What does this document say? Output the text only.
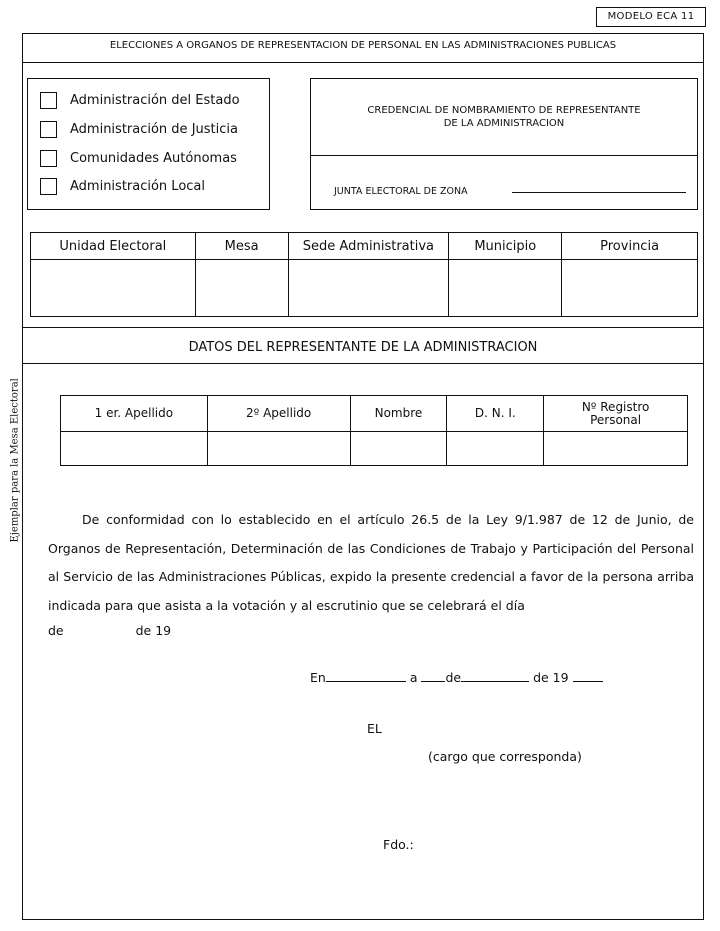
MODELO ECA 11
Ejemplar para la Mesa Electoral
ELECCIONES A ORGANOS DE REPRESENTACION DE PERSONAL EN LAS ADMINISTRACIONES PUBLICAS
Administración del Estado
Administración de Justicia
Comunidades Autónomas
Administración Local
CREDENCIAL DE NOMBRAMIENTO DE REPRESENTANTE
DE LA ADMINISTRACION
JUNTA ELECTORAL DE ZONA
Unidad Electoral	Mesa	Sede Administrativa	Municipio	Provincia

DATOS DEL REPRESENTANTE DE LA ADMINISTRACION
1 er. Apellido	2º Apellido	Nombre	D. N. I.	Nº Registro
Personal

De conformidad con lo establecido en el artículo 26.5 de la Ley 9/1.987 de 12 de Junio, de Organos de Representación, Determinación de las Condiciones de Trabajo y Participación del Personal al Servicio de las Administraciones Públicas, expido la presente credencial a favor de la persona arriba indicada para que asista a la votación y al escrutinio que se celebrará el día
de	de 19
En	a de	de 19
EL
(cargo que corresponda)
Fdo.:
